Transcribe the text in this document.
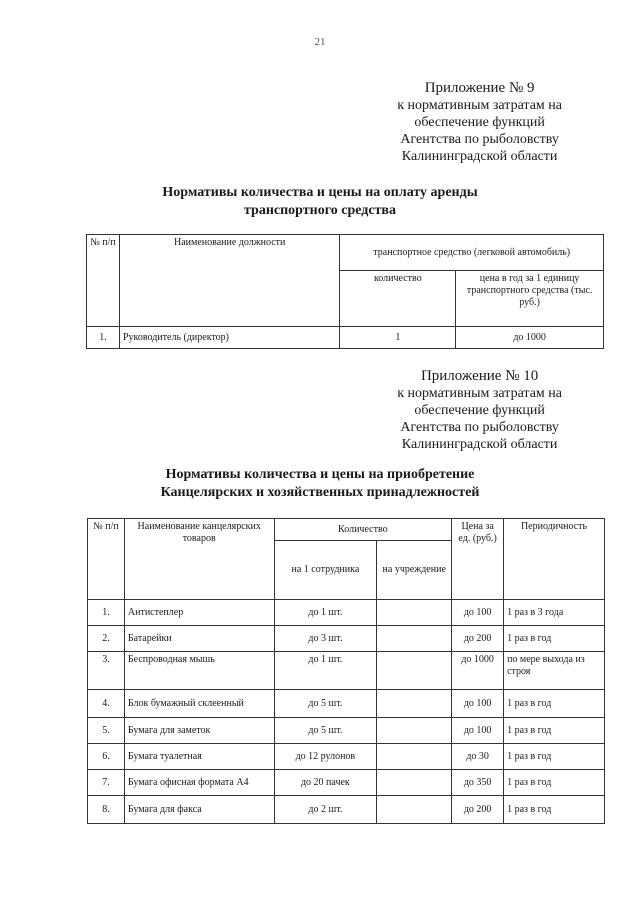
21
Приложение № 9
к нормативным затратам на
обеспечение функций
Агентства по рыболовству
Калининградской области
Нормативы количества и цены на оплату аренды
транспортного средства
№ п/п	Наименование должности	транспортное средство (легковой автомобиль)	
		количество	цена в год за 1 единицу транспортного средства (тыс. руб.)
1.	Руководитель (директор)	1	до 1000
Приложение № 10
к нормативным затратам на
обеспечение функций
Агентства по рыболовству
Калининградской области
Нормативы количества и цены на приобретение
Канцелярских и хозяйственных принадлежностей
№ п/п	Наименование канцелярских товаров	Количество		Цена за ед. (руб.)	Периодичность
		на 1 сотрудника	на учреждение		
1.	Антистеплер	до 1 шт.		до 100	1 раз в 3 года
2.	Батарейки	до 3 шт.		до 200	1 раз в год
3.	Беспроводная мышь	до 1 шт.		до 1000	по мере выхода из строя
4.	Блок бумажный склеенный	до 5 шт.		до 100	1 раз в год
5.	Бумага для заметок	до 5 шт.		до 100	1 раз в год
6.	Бумага туалетная	до 12 рулонов		до 30	1 раз в год
7.	Бумага офисная формата А4	до 20 пачек		до 350	1 раз в год
8.	Бумага для факса	до 2 шт.		до 200	1 раз в год
